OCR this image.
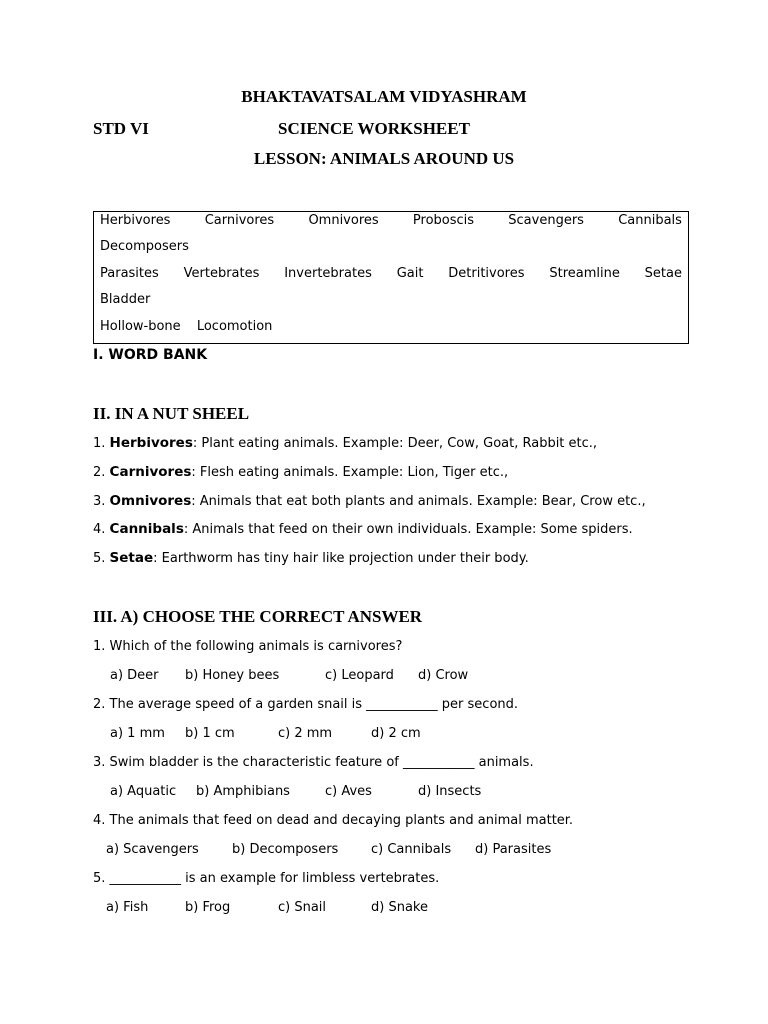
BHAKTAVATSALAM VIDYASHRAM
STD VI	SCIENCE WORKSHEET
LESSON: ANIMALS AROUND US
Herbivores	Carnivores	Omnivores	Proboscis	Scavengers	Cannibals
Decomposers
Parasites Vertebrates Invertebrates Gait Detritivores Streamline Setae
Bladder
Hollow-bone Locomotion
I. WORD BANK
II. IN A NUT SHEEL
1. Herbivores: Plant eating animals. Example: Deer, Cow, Goat, Rabbit etc.,
2. Carnivores: Flesh eating animals. Example: Lion, Tiger etc.,
3. Omnivores: Animals that eat both plants and animals. Example: Bear, Crow etc.,
4. Cannibals: Animals that feed on their own individuals. Example: Some spiders.
5. Setae: Earthworm has tiny hair like projection under their body.
III. A) CHOOSE THE CORRECT ANSWER
1. Which of the following animals is carnivores?
a) Deer b) Honey bees	c) Leopard d) Crow
2. The average speed of a garden snail is ___________ per second.
a) 1 mm b) 1 cm	c) 2 mm	d) 2 cm
3. Swim bladder is the characteristic feature of ___________ animals.
a) Aquatic b) Amphibians	c) Aves	d) Insects
4. The animals that feed on dead and decaying plants and animal matter.
a) Scavengers	b) Decomposers	c) Cannibals d) Parasites
5. ___________ is an example for limbless vertebrates.
a) Fish	b) Frog	c) Snail	d) Snake
